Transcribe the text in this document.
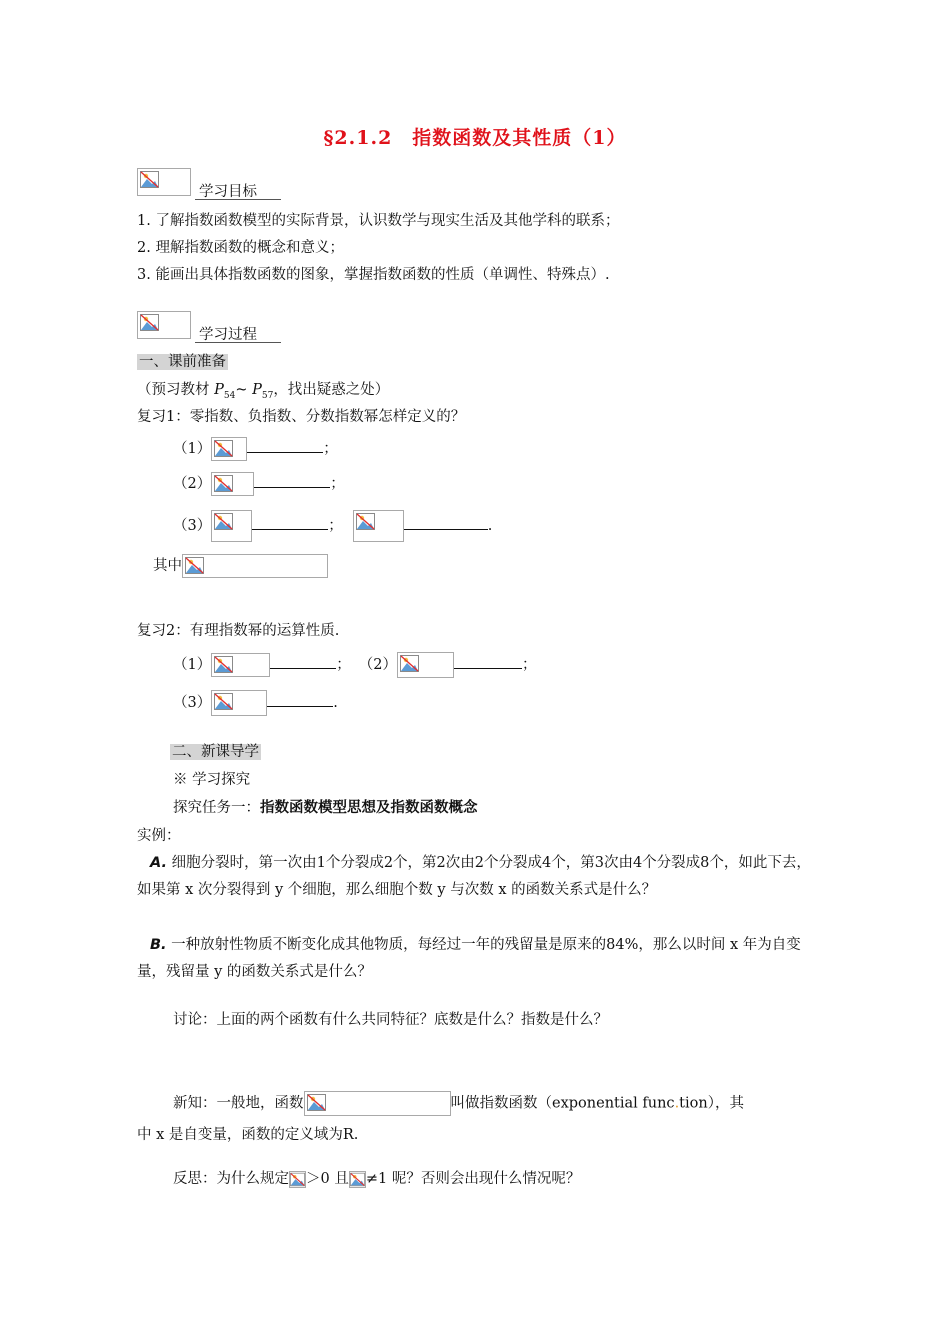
§2.1.2　指数函数及其性质（1）
学习目标
1. 了解指数函数模型的实际背景，认识数学与现实生活及其他学科的联系；
2. 理解指数函数的概念和意义；
3. 能画出具体指数函数的图象，掌握指数函数的性质（单调性、特殊点）.
学习过程
一、课前准备
（预习教材 $P_{54}\sim$ $P_{57}$，找出疑惑之处）
复习1：零指数、负指数、分数指数幂怎样定义的？
（1）	；
（2）	；
（3）	；	.
其中
复习2：有理指数幂的运算性质.
（1）	； （2）	；
（3）	.
二、新课导学
※ 学习探究
探究任务一：指数函数模型思想及指数函数概念
实例：
A. 细胞分裂时，第一次由1个分裂成2个，第2次由2个分裂成4个，第3次由4个分裂成8个，如此下去，如果第 x 次分裂得到 y 个细胞，那么细胞个数 y 与次数 x 的函数关系式是什么？
B. 一种放射性物质不断变化成其他物质，每经过一年的残留量是原来的84%，那么以时间 x 年为自变量，残留量 y 的函数关系式是什么？
讨论：上面的两个函数有什么共同特征？底数是什么？指数是什么？
新知：一般地，函数	叫做指数函数（exponential func.tion），其
中 x 是自变量，函数的定义域为R.
反思：为什么规定 ＞0 且 ≠1 呢？否则会出现什么情况呢？
